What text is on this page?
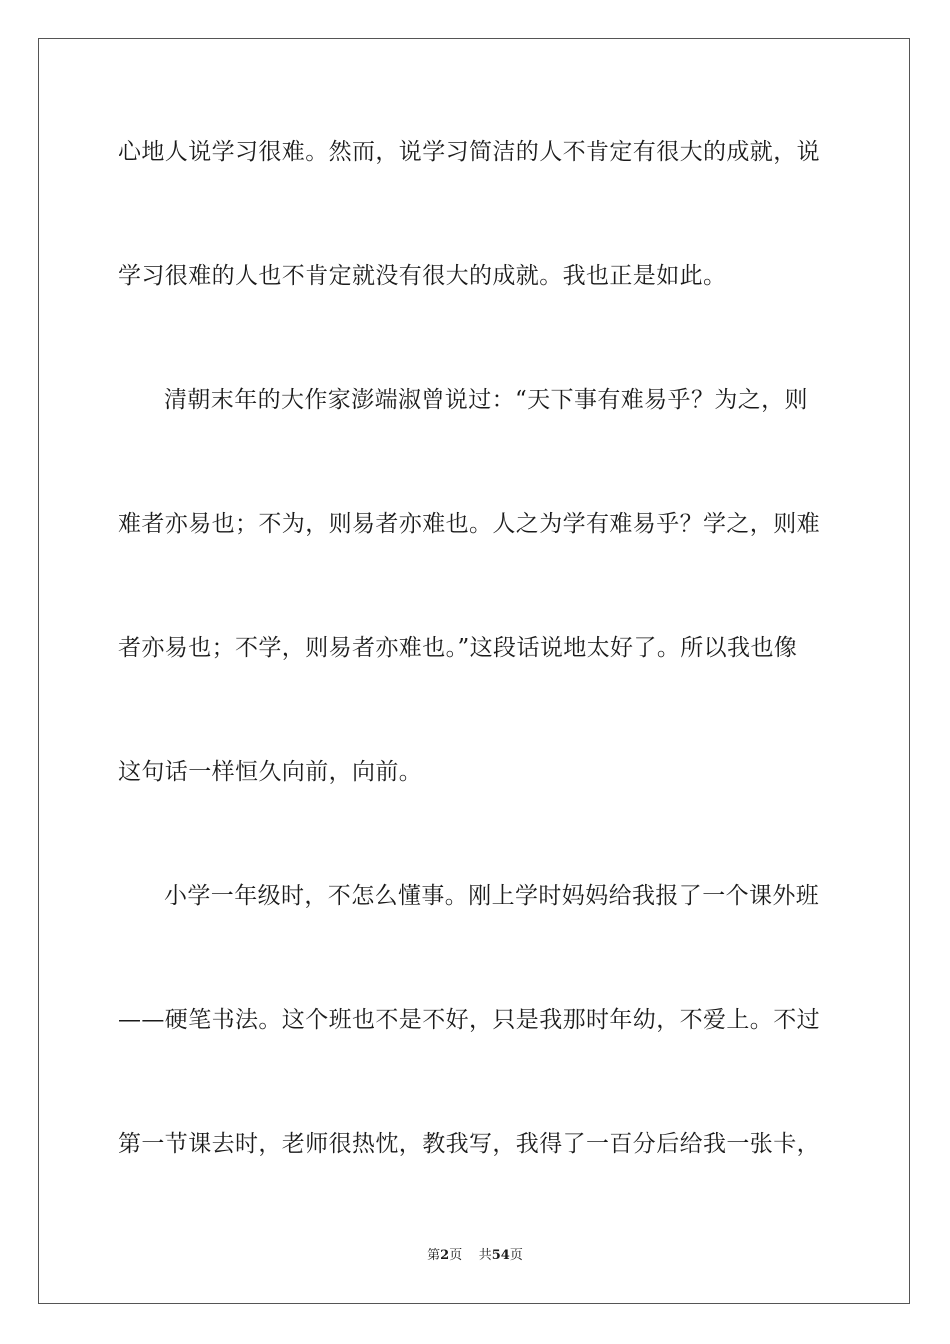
心地人说学习很难。然而，说学习简洁的人不肯定有很大的成就，说
学习很难的人也不肯定就没有很大的成就。我也正是如此。
清朝末年的大作家澎端淑曾说过：“天下事有难易乎？为之，则
难者亦易也；不为，则易者亦难也。人之为学有难易乎？学之，则难
者亦易也；不学，则易者亦难也。”这段话说地太好了。所以我也像
这句话一样恒久向前，向前。
小学一年级时，不怎么懂事。刚上学时妈妈给我报了一个课外班
——硬笔书法。这个班也不是不好，只是我那时年幼，不爱上。不过
第一节课去时，老师很热忱，教我写，我得了一百分后给我一张卡，
第2页 共54页
